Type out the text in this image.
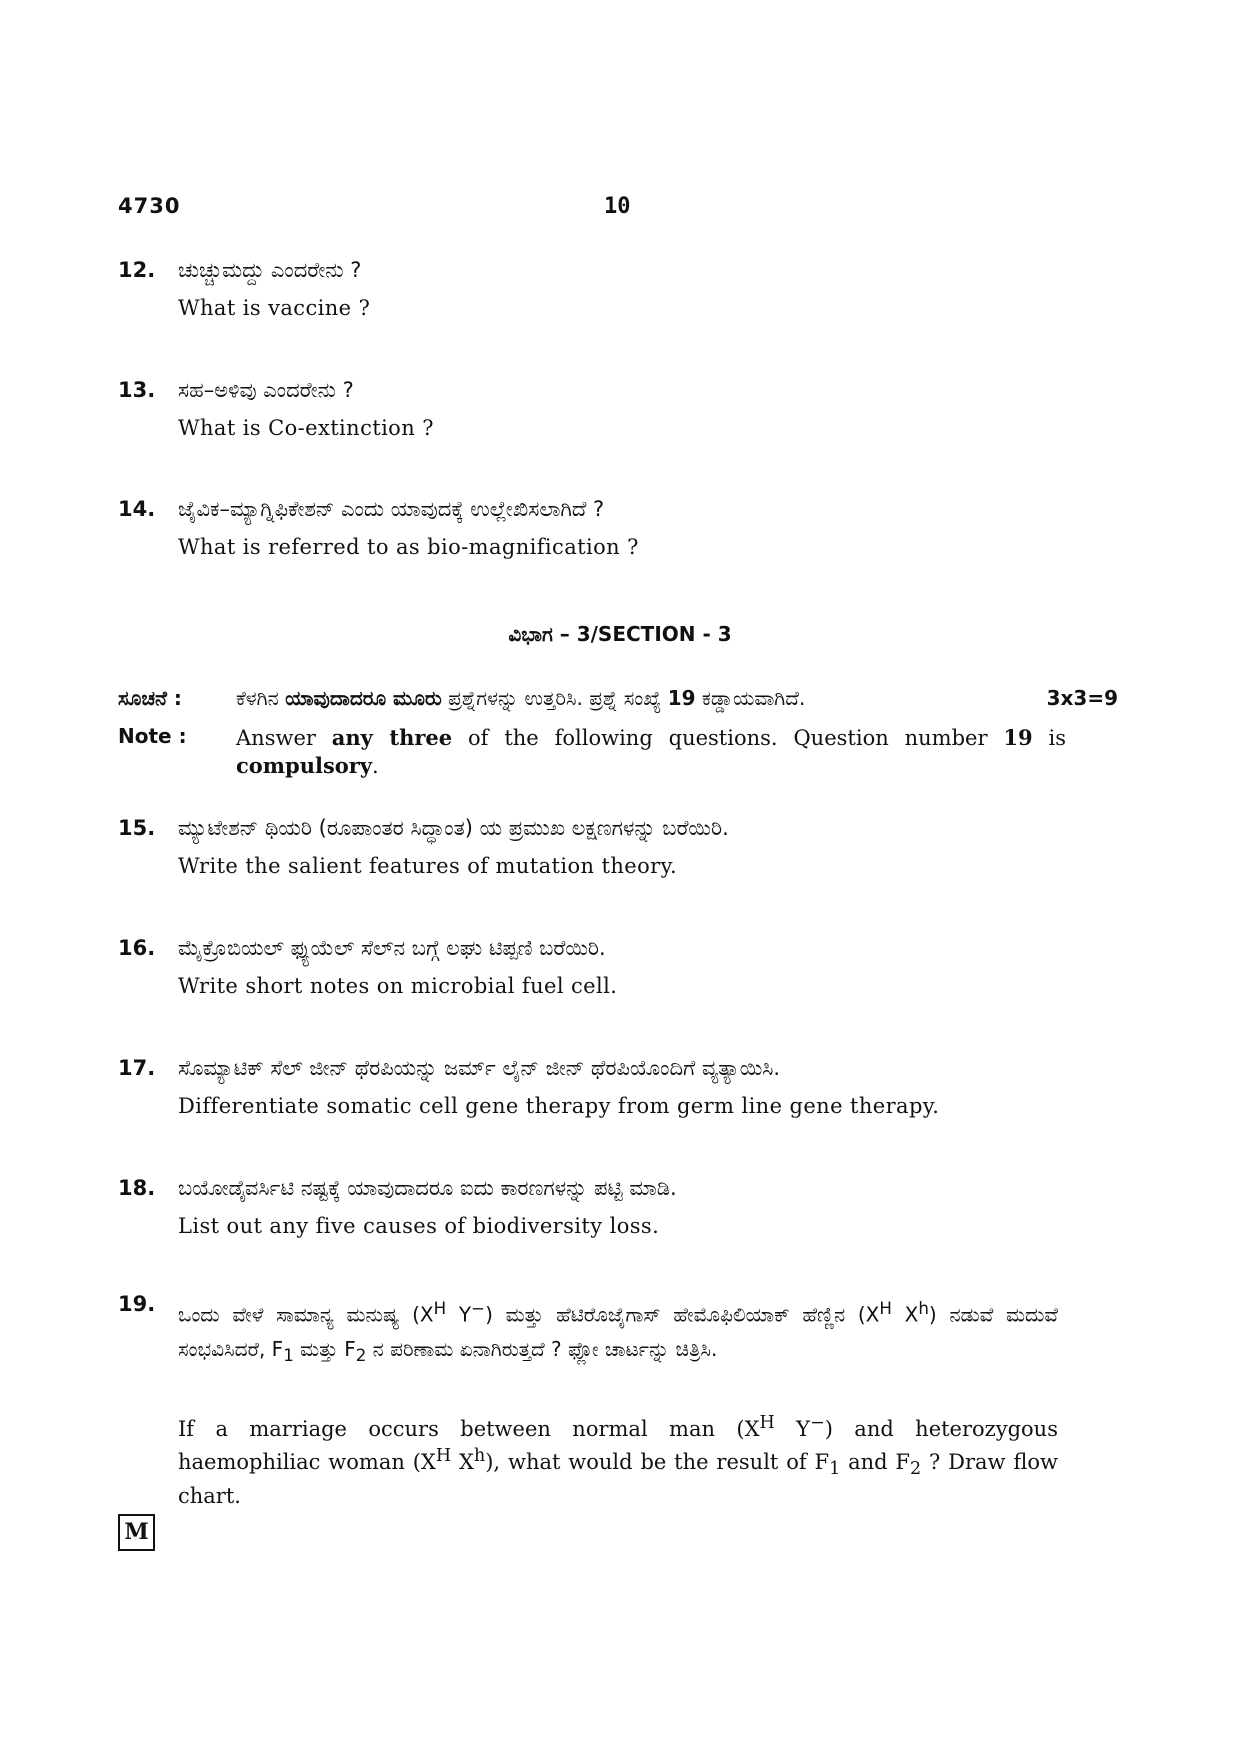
4730	10
12. ಚುಚ್ಚುಮದ್ದು ಎಂದರೇನು ?
What is vaccine ?
13. ಸಹ–ಅಳಿವು ಎಂದರೇನು ?
What is Co-extinction ?
14. ಜೈವಿಕ–ಮ್ಯಾಗ್ನಿಫಿಕೇಶನ್ ಎಂದು ಯಾವುದಕ್ಕೆ ಉಲ್ಲೇಖಿಸಲಾಗಿದೆ ?
What is referred to as bio-magnification ?
ವಿಭಾಗ – 3/SECTION - 3
ಸೂಚನೆ :	ಕೆಳಗಿನ ಯಾವುದಾದರೂ ಮೂರು ಪ್ರಶ್ನೆಗಳನ್ನು ಉತ್ತರಿಸಿ. ಪ್ರಶ್ನೆ ಸಂಖ್ಯೆ 19 ಕಡ್ಡಾಯವಾಗಿದೆ.	3x3=9
Note : Answer any three of the following questions. Question number 19 is compulsory.
15. ಮ್ಯುಟೇಶನ್ ಥಿಯರಿ (ರೂಪಾಂತರ ಸಿದ್ಧಾಂತ) ಯ ಪ್ರಮುಖ ಲಕ್ಷಣಗಳನ್ನು ಬರೆಯಿರಿ.
Write the salient features of mutation theory.
16. ಮೈಕ್ರೊಬಿಯಲ್ ಫ್ಯುಯೆಲ್ ಸೆಲ್‌ನ ಬಗ್ಗೆ ಲಘು ಟಿಪ್ಪಣಿ ಬರೆಯಿರಿ.
Write short notes on microbial fuel cell.
17. ಸೊಮ್ಯಾಟಿಕ್ ಸೆಲ್ ಜೀನ್ ಥೆರಪಿಯನ್ನು ಜರ್ಮ್ ಲೈನ್ ಜೀನ್ ಥೆರಪಿಯೊಂದಿಗೆ ವ್ಯತ್ಯಾಯಿಸಿ.
Differentiate somatic cell gene therapy from germ line gene therapy.
18. ಬಯೋಡೈವರ್ಸಿಟಿ ನಷ್ಟಕ್ಕೆ ಯಾವುದಾದರೂ ಐದು ಕಾರಣಗಳನ್ನು ಪಟ್ಟಿ ಮಾಡಿ.
List out any five causes of biodiversity loss.
19. ಒಂದು ವೇಳೆ ಸಾಮಾನ್ಯ ಮನುಷ್ಯ ($X^H$ Y−) ಮತ್ತು ಹೆಟಿರೊಜೈಗಾಸ್ ಹೇಮೊಫಿಲಿಯಾಕ್ ಹೆಣ್ಣಿನ ($X^H$ $X^h$) ನಡುವೆ ಮದುವೆ ಸಂಭವಿಸಿದರೆ, $F_1$ ಮತ್ತು $F_2$ ನ ಪರಿಣಾಮ ಏನಾಗಿರುತ್ತದೆ ? ಫ್ಲೋ ಚಾರ್ಟನ್ನು ಚಿತ್ರಿಸಿ.
If a marriage occurs between normal man ($X^H$ Y−) and heterozygous haemophiliac woman ($X^H$ $X^h$), what would be the result of $F_1$ and $F_2$ ? Draw flow chart.
M
